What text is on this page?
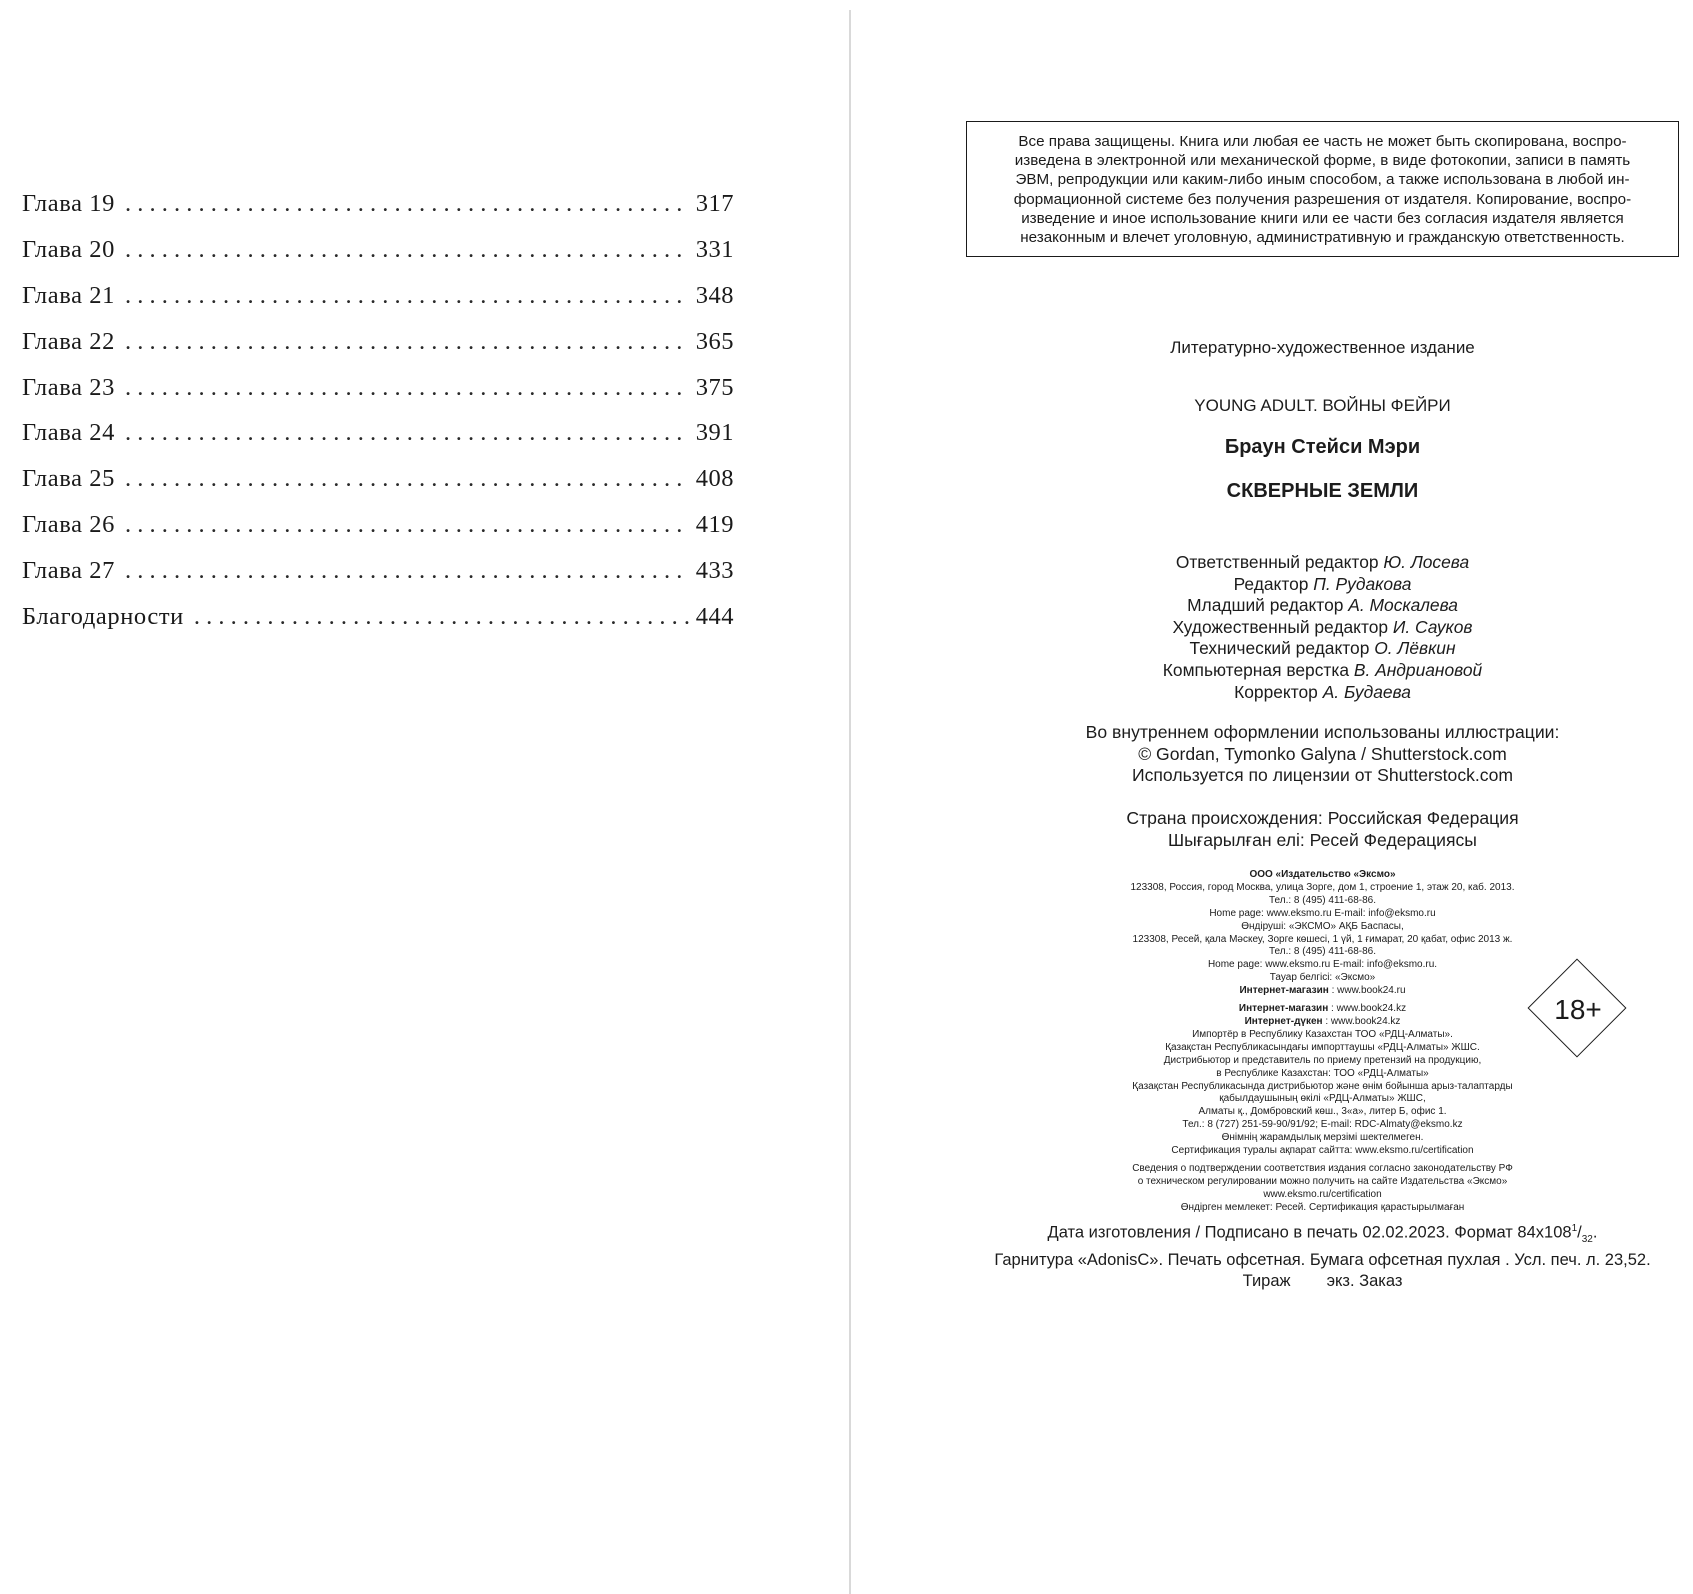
Глава 19 . . .	317
Глава 20 . . .	331
Глава 21 . . .	348
Глава 22 . . .	365
Глава 23 . . .	375
Глава 24 . . .	391
Глава 25 . . .	408
Глава 26 . . .	419
Глава 27 . . .	433
Благодарности . . .	444
Все права защищены. Книга или любая ее часть не может быть скопирована, воспро-
изведена в электронной или механической форме, в виде фотокопии, записи в память
ЭВМ, репродукции или каким-либо иным способом, а также использована в любой ин-
формационной системе без получения разрешения от издателя. Копирование, воспро-
изведение и иное использование книги или ее части без согласия издателя является
незаконным и влечет уголовную, административную и гражданскую ответственность.
Литературно-художественное издание
YOUNG ADULT. ВОЙНЫ ФЕЙРИ
Браун Стейси Мэри
СКВЕРНЫЕ ЗЕМЛИ
Ответственный редактор Ю. Лосева
Редактор П. Рудакова
Младший редактор А. Москалева
Художественный редактор И. Сауков
Технический редактор О. Лёвкин
Компьютерная верстка В. Андриановой
Корректор А. Будаева
Во внутреннем оформлении использованы иллюстрации:
© Gordan, Tymonko Galyna / Shutterstock.com
Используется по лицензии от Shutterstock.com
Страна происхождения: Российская Федерация
Шығарылған елі: Ресей Федерациясы
ООО «Издательство «Эксмо»
123308, Россия, город Москва, улица Зорге, дом 1, строение 1, этаж 20, каб. 2013.
Тел.: 8 (495) 411-68-86.
Home page: www.eksmo.ru E-mail: info@eksmo.ru
Өндіруші: «ЭКСМО» АҚБ Баспасы,
123308, Ресей, қала Мәскеу, Зорге көшесі, 1 үй, 1 ғимарат, 20 қабат, офис 2013 ж.
Тел.: 8 (495) 411-68-86.
Home page: www.eksmo.ru E-mail: info@eksmo.ru.
Тауар белгісі: «Эксмо»
Интернет-магазин : www.book24.ru
Интернет-магазин : www.book24.kz
Интернет-дүкен : www.book24.kz
Импортёр в Республику Казахстан ТОО «РДЦ-Алматы».
Қазақстан Республикасындағы импорттаушы «РДЦ-Алматы» ЖШС.
Дистрибьютор и представитель по приему претензий на продукцию,
в Республике Казахстан: ТОО «РДЦ-Алматы»
Қазақстан Республикасында дистрибьютор және өнім бойынша арыз-талаптарды
қабылдаушының өкілі «РДЦ-Алматы» ЖШС,
Алматы қ., Домбровский көш., 3«а», литер Б, офис 1.
Тел.: 8 (727) 251-59-90/91/92; E-mail: RDC-Almaty@eksmo.kz
Өнімнің жарамдылық мерзімі шектелмеген.
Сертификация туралы ақпарат сайтта: www.eksmo.ru/certification
Сведения о подтверждении соответствия издания согласно законодательству РФ
о техническом регулировании можно получить на сайте Издательства «Эксмо»
www.eksmo.ru/certification
Өндірген мемлекет: Ресей. Сертификация қарастырылмаған
18+
Дата изготовления / Подписано в печать 02.02.2023. Формат $84x108^1/_{32}$.
Гарнитура «AdonisC». Печать офсетная. Бумага офсетная пухлая . Усл. печ. л. 23,52.
Тираж экз. Заказ
